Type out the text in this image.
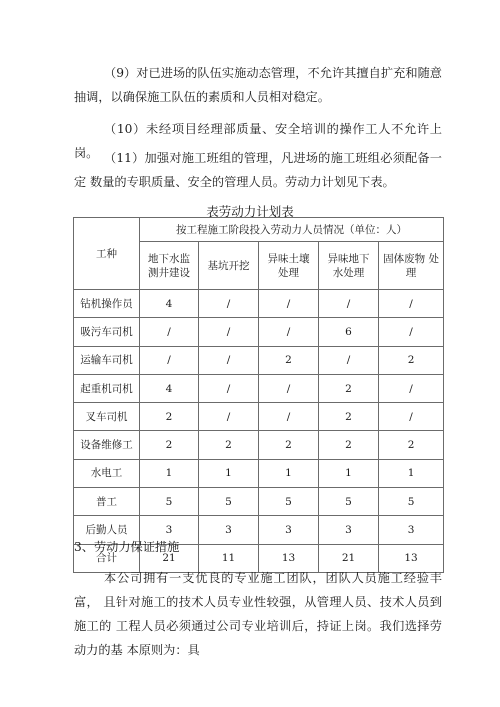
（9）对已进场的队伍实施动态管理，不允许其擅自扩充和随意 抽调，以确保施工队伍的素质和人员相对稳定。

（10）未经项目经理部质量、安全培训的操作工人不允许上岗。 （11）加强对施工班组的管理，凡进场的施工班组必须配备一定 数量的专职质量、安全的管理人员。劳动力计划见下表。

表劳动力计划表
工种	按工程施工阶段投入劳动力人员情况（单位：人）				
	地下水监 测井建设	基坑开挖	异味土壤 处理	异味地下 水处理	固体废物 处理
钻机操作员	4	/	/	/	/
吸污车司机	/	/	/	6	/
运输车司机	/	/	2	/	2
起重机司机	4	/	/	2	/
叉车司机	2	/	/	2	/
设备维修工	2	2	2	2	2
水电工	1	1	1	1	1
普工	5	5	5	5	5
后勤人员	3	3	3	3	3
合计	21	11	13	21	13

3、劳动力保证措施

本公司拥有一支优良的专业施工团队，团队人员施工经验丰富， 且针对施工的技术人员专业性较强，从管理人员、技术人员到施工的 工程人员必须通过公司专业培训后，持证上岗。我们选择劳动力的基 本原则为：具
